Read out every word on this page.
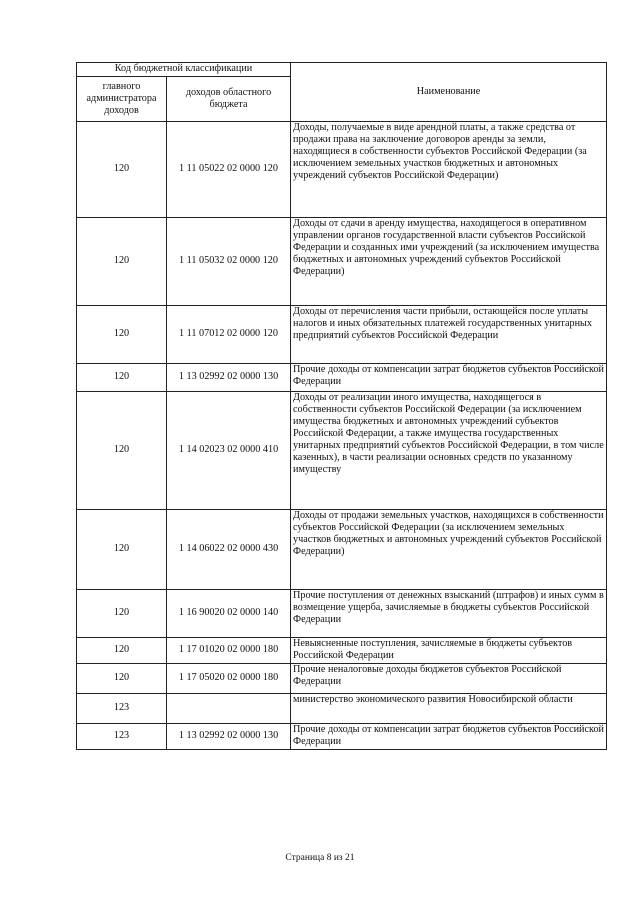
Код бюджетной классификации		Наименование
главного администратора доходов	доходов областного бюджета	
120	1 11 05022 02 0000 120	Доходы, получаемые в виде арендной платы, а также средства от продажи права на заключение договоров аренды за земли, находящиеся в собственности субъектов Российской Федерации (за исключением земельных участков бюджетных и автономных учреждений субъектов Российской Федерации)
120	1 11 05032 02 0000 120	Доходы от сдачи в аренду имущества, находящегося в оперативном управлении органов государственной власти субъектов Российской Федерации и созданных ими учреждений (за исключением имущества бюджетных и автономных учреждений субъектов Российской Федерации)
120	1 11 07012 02 0000 120	Доходы от перечисления части прибыли, остающейся после уплаты налогов и иных обязательных платежей государственных унитарных предприятий субъектов Российской Федерации
120	1 13 02992 02 0000 130	Прочие доходы от компенсации затрат бюджетов субъектов Российской Федерации
120	1 14 02023 02 0000 410	Доходы от реализации иного имущества, находящегося в собственности субъектов Российской Федерации (за исключением имущества бюджетных и автономных учреждений субъектов Российской Федерации, а также имущества государственных унитарных предприятий субъектов Российской Федерации, в том числе казенных), в части реализации основных средств по указанному имуществу
120	1 14 06022 02 0000 430	Доходы от продажи земельных участков, находящихся в собственности субъектов Российской Федерации (за исключением земельных участков бюджетных и автономных учреждений субъектов Российской Федерации)
120	1 16 90020 02 0000 140	Прочие поступления от денежных взысканий (штрафов) и иных сумм в возмещение ущерба, зачисляемые в бюджеты субъектов Российской Федерации
120	1 17 01020 02 0000 180	Невыясненные поступления, зачисляемые в бюджеты субъектов Российской Федерации
120	1 17 05020 02 0000 180	Прочие неналоговые доходы бюджетов субъектов Российской Федерации
123		министерство экономического развития Новосибирской области
123	1 13 02992 02 0000 130	Прочие доходы от компенсации затрат бюджетов субъектов Российской Федерации
Страница 8 из 21
